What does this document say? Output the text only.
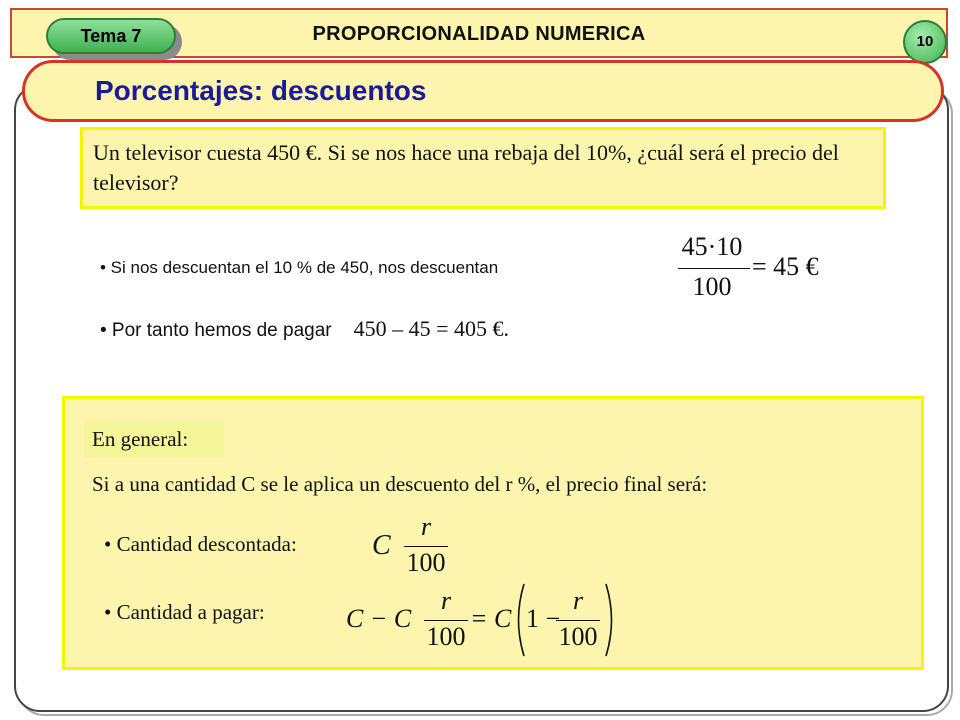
Tema 7	PROPORCIONALIDAD NUMERICA	10
Porcentajes: descuentos
Un televisor cuesta 450 €. Si se nos hace una rebaja del 10%, ¿cuál será el precio del televisor?
• Si nos descuentan el 10 % de 450, nos descuentan
45·10
100
= 45 €
• Por tanto hemos de pagar 450 – 45 = 405 €.
En general:
Si a una cantidad C se le aplica un descuento del r %, el precio final será:
• Cantidad descontada:	C
r
100
• Cantidad a pagar:	C − C
r
100
= C 1 −
r
100
